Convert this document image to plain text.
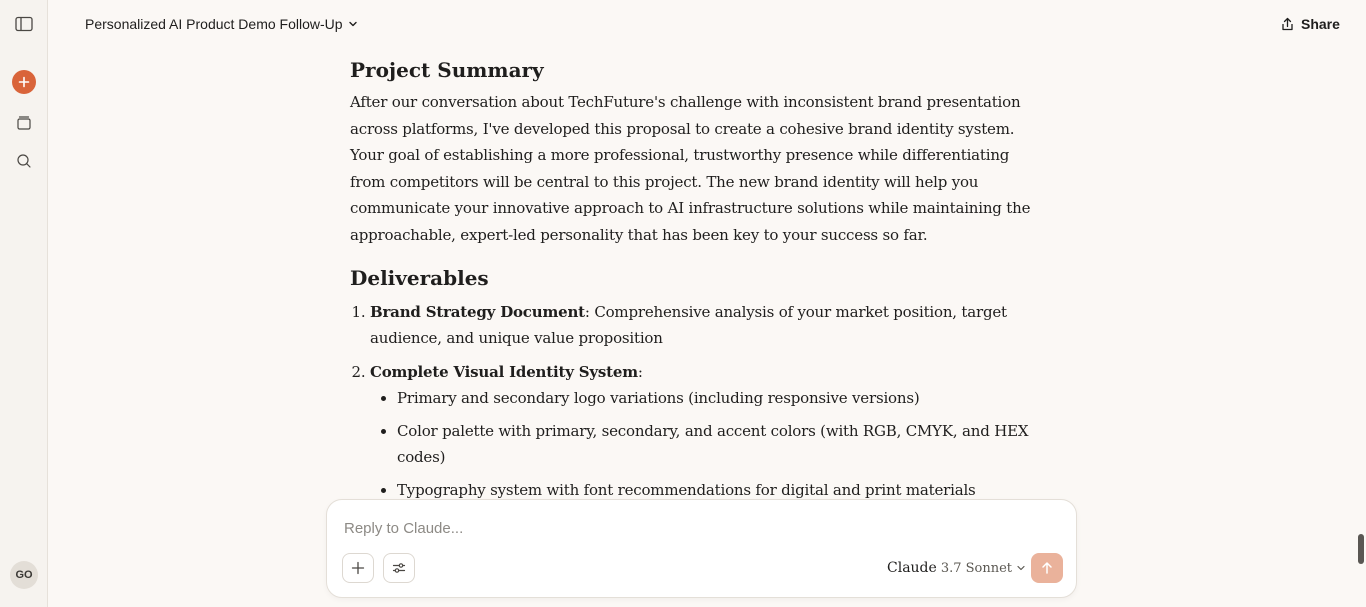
GO
Personalized AI Product Demo Follow-Up	Share
Project Summary

After our conversation about TechFuture's challenge with inconsistent brand presentation across platforms, I've developed this proposal to create a cohesive brand identity system. Your goal of establishing a more professional, trustworthy presence while differentiating from competitors will be central to this project. The new brand identity will help you communicate your innovative approach to AI infrastructure solutions while maintaining the approachable, expert-led personality that has been key to your success so far.

Deliverables
1. Brand Strategy Document: Comprehensive analysis of your market position, target audience, and unique value proposition
2. Complete Visual Identity System:
• Primary and secondary logo variations (including responsive versions)
• Color palette with primary, secondary, and accent colors (with RGB, CMYK, and HEX codes)
• Typography system with font recommendations for digital and print materials
Reply to Claude...
Claude 3.7 Sonnet
